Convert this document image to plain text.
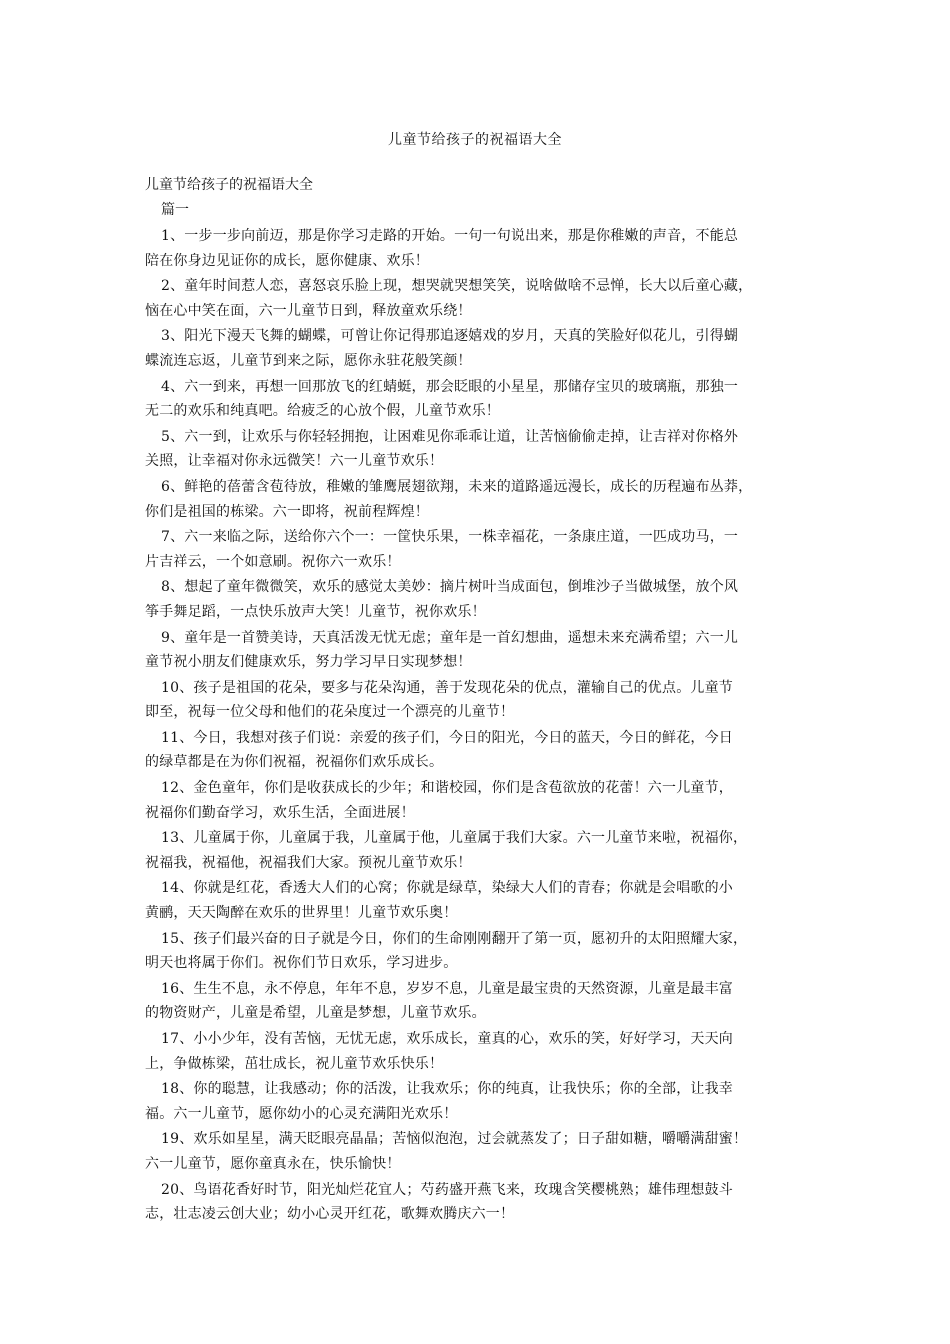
儿童节给孩子的祝福语大全
儿童节给孩子的祝福语大全
篇一
1、一步一步向前迈，那是你学习走路的开始。一句一句说出来，那是你稚嫩的声音，不能总
陪在你身边见证你的成长，愿你健康、欢乐！
2、童年时间惹人恋，喜怒哀乐脸上现，想哭就哭想笑笑，说啥做啥不忌惮，长大以后童心藏，
恼在心中笑在面，六一儿童节日到，释放童欢乐绕！
3、阳光下漫天飞舞的蝴蝶，可曾让你记得那追逐嬉戏的岁月，天真的笑脸好似花儿，引得蝴
蝶流连忘返，儿童节到来之际，愿你永驻花般笑颜！
4、六一到来，再想一回那放飞的红蜻蜓，那会眨眼的小星星，那储存宝贝的玻璃瓶，那独一
无二的欢乐和纯真吧。给疲乏的心放个假，儿童节欢乐！
5、六一到，让欢乐与你轻轻拥抱，让困难见你乖乖让道，让苦恼偷偷走掉，让吉祥对你格外
关照，让幸福对你永远微笑！六一儿童节欢乐！
6、鲜艳的蓓蕾含苞待放，稚嫩的雏鹰展翅欲翔，未来的道路遥远漫长，成长的历程遍布丛莽，
你们是祖国的栋梁。六一即将，祝前程辉煌！
7、六一来临之际，送给你六个一：一筐快乐果，一株幸福花，一条康庄道，一匹成功马，一
片吉祥云，一个如意刷。祝你六一欢乐！
8、想起了童年微微笑，欢乐的感觉太美妙：摘片树叶当成面包，倒堆沙子当做城堡，放个风
筝手舞足蹈，一点快乐放声大笑！儿童节，祝你欢乐！
9、童年是一首赞美诗，天真活泼无忧无虑；童年是一首幻想曲，遥想未来充满希望；六一儿
童节祝小朋友们健康欢乐，努力学习早日实现梦想！
10、孩子是祖国的花朵，要多与花朵沟通，善于发现花朵的优点，灌输自己的优点。儿童节
即至，祝每一位父母和他们的花朵度过一个漂亮的儿童节！
11、今日，我想对孩子们说：亲爱的孩子们，今日的阳光，今日的蓝天，今日的鲜花，今日
的绿草都是在为你们祝福，祝福你们欢乐成长。
12、金色童年，你们是收获成长的少年；和谐校园，你们是含苞欲放的花蕾！六一儿童节，
祝福你们勤奋学习，欢乐生活，全面进展！
13、儿童属于你，儿童属于我，儿童属于他，儿童属于我们大家。六一儿童节来啦，祝福你，
祝福我，祝福他，祝福我们大家。预祝儿童节欢乐！
14、你就是红花，香透大人们的心窝；你就是绿草，染绿大人们的青春；你就是会唱歌的小
黄鹂，天天陶醉在欢乐的世界里！儿童节欢乐奥！
15、孩子们最兴奋的日子就是今日，你们的生命刚刚翻开了第一页，愿初升的太阳照耀大家，
明天也将属于你们。祝你们节日欢乐，学习进步。
16、生生不息，永不停息，年年不息，岁岁不息，儿童是最宝贵的天然资源，儿童是最丰富
的物资财产，儿童是希望，儿童是梦想，儿童节欢乐。
17、小小少年，没有苦恼，无忧无虑，欢乐成长，童真的心，欢乐的笑，好好学习，天天向
上，争做栋梁，茁壮成长，祝儿童节欢乐快乐！
18、你的聪慧，让我感动；你的活泼，让我欢乐；你的纯真，让我快乐；你的全部，让我幸
福。六一儿童节，愿你幼小的心灵充满阳光欢乐！
19、欢乐如星星，满天眨眼亮晶晶；苦恼似泡泡，过会就蒸发了；日子甜如糖，嚼嚼满甜蜜！
六一儿童节，愿你童真永在，快乐愉快！
20、鸟语花香好时节，阳光灿烂花宜人；芍药盛开燕飞来，玫瑰含笑樱桃熟；雄伟理想鼓斗
志，壮志凌云创大业；幼小心灵开红花，歌舞欢腾庆六一！
